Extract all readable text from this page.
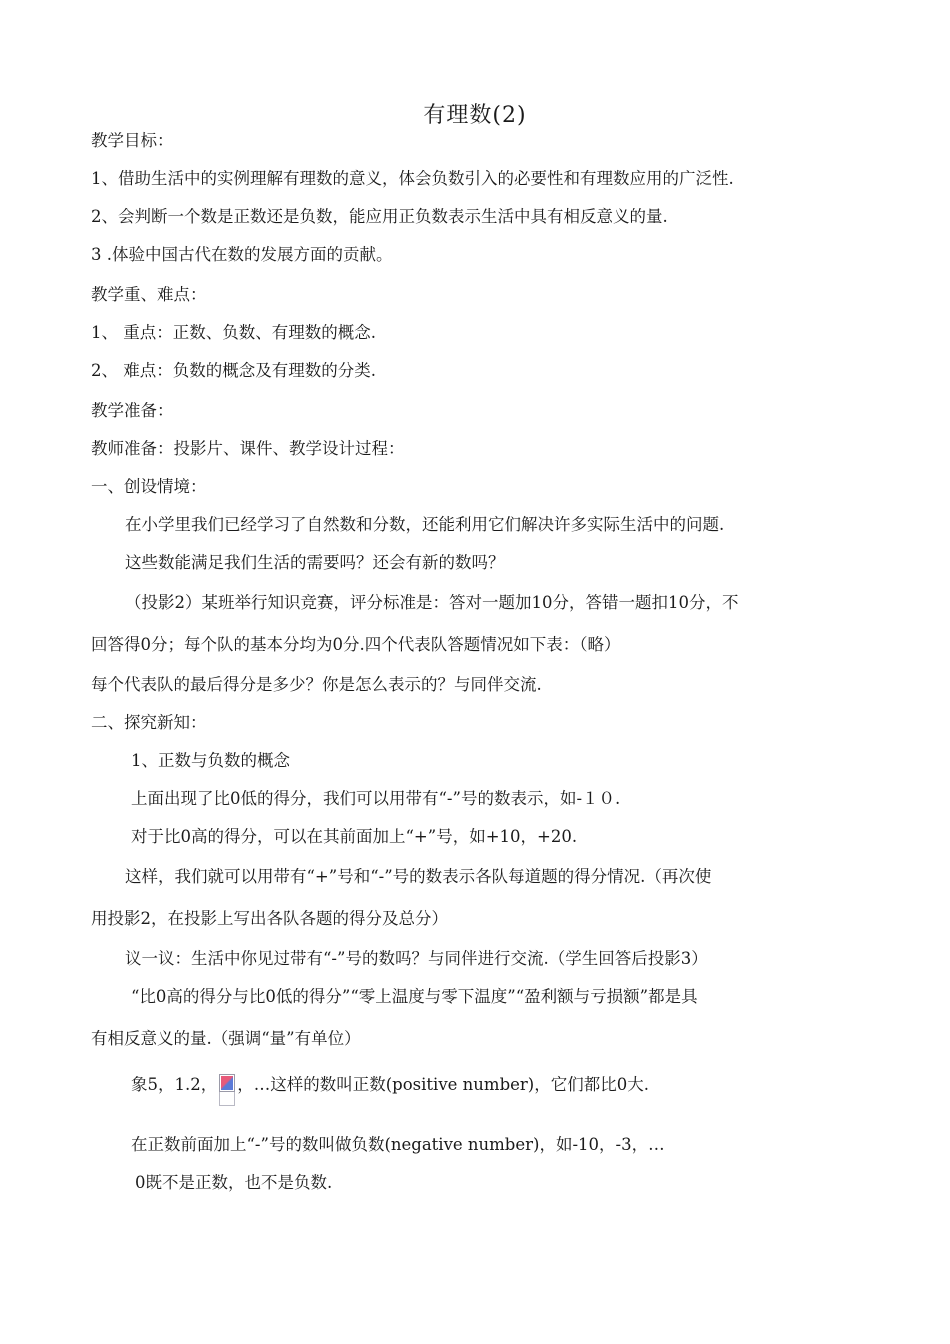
有理数(2)
教学目标：
1、借助生活中的实例理解有理数的意义，体会负数引入的必要性和有理数应用的广泛性.
2、会判断一个数是正数还是负数，能应用正负数表示生活中具有相反意义的量.
3 .体验中国古代在数的发展方面的贡献。
教学重、难点：
1、 重点：正数、负数、有理数的概念.
2、 难点：负数的概念及有理数的分类.
教学准备：
教师准备：投影片、课件、教学设计过程：
一、创设情境：
在小学里我们已经学习了自然数和分数，还能利用它们解决许多实际生活中的问题.
这些数能满足我们生活的需要吗？还会有新的数吗？
（投影2）某班举行知识竞赛，评分标准是：答对一题加10分，答错一题扣10分，不
回答得0分；每个队的基本分均为0分.四个代表队答题情况如下表：（略）
每个代表队的最后得分是多少？你是怎么表示的？与同伴交流.
二、探究新知：
1、正数与负数的概念
上面出现了比0低的得分，我们可以用带有“-”号的数表示，如-１０.
对于比0高的得分，可以在其前面加上“+”号，如+10，+20.
这样，我们就可以用带有“+”号和“-”号的数表示各队每道题的得分情况.（再次使
用投影2，在投影上写出各队各题的得分及总分）
议一议：生活中你见过带有“-”号的数吗？与同伴进行交流.（学生回答后投影3）
“比0高的得分与比0低的得分”“零上温度与零下温度”“盈利额与亏损额”都是具
有相反意义的量.（强调“量”有单位）
象5，1.2， ，…这样的数叫正数(positive number)，它们都比0大.
在正数前面加上“-”号的数叫做负数(negative number)，如-10，-3，…
0既不是正数，也不是负数.
